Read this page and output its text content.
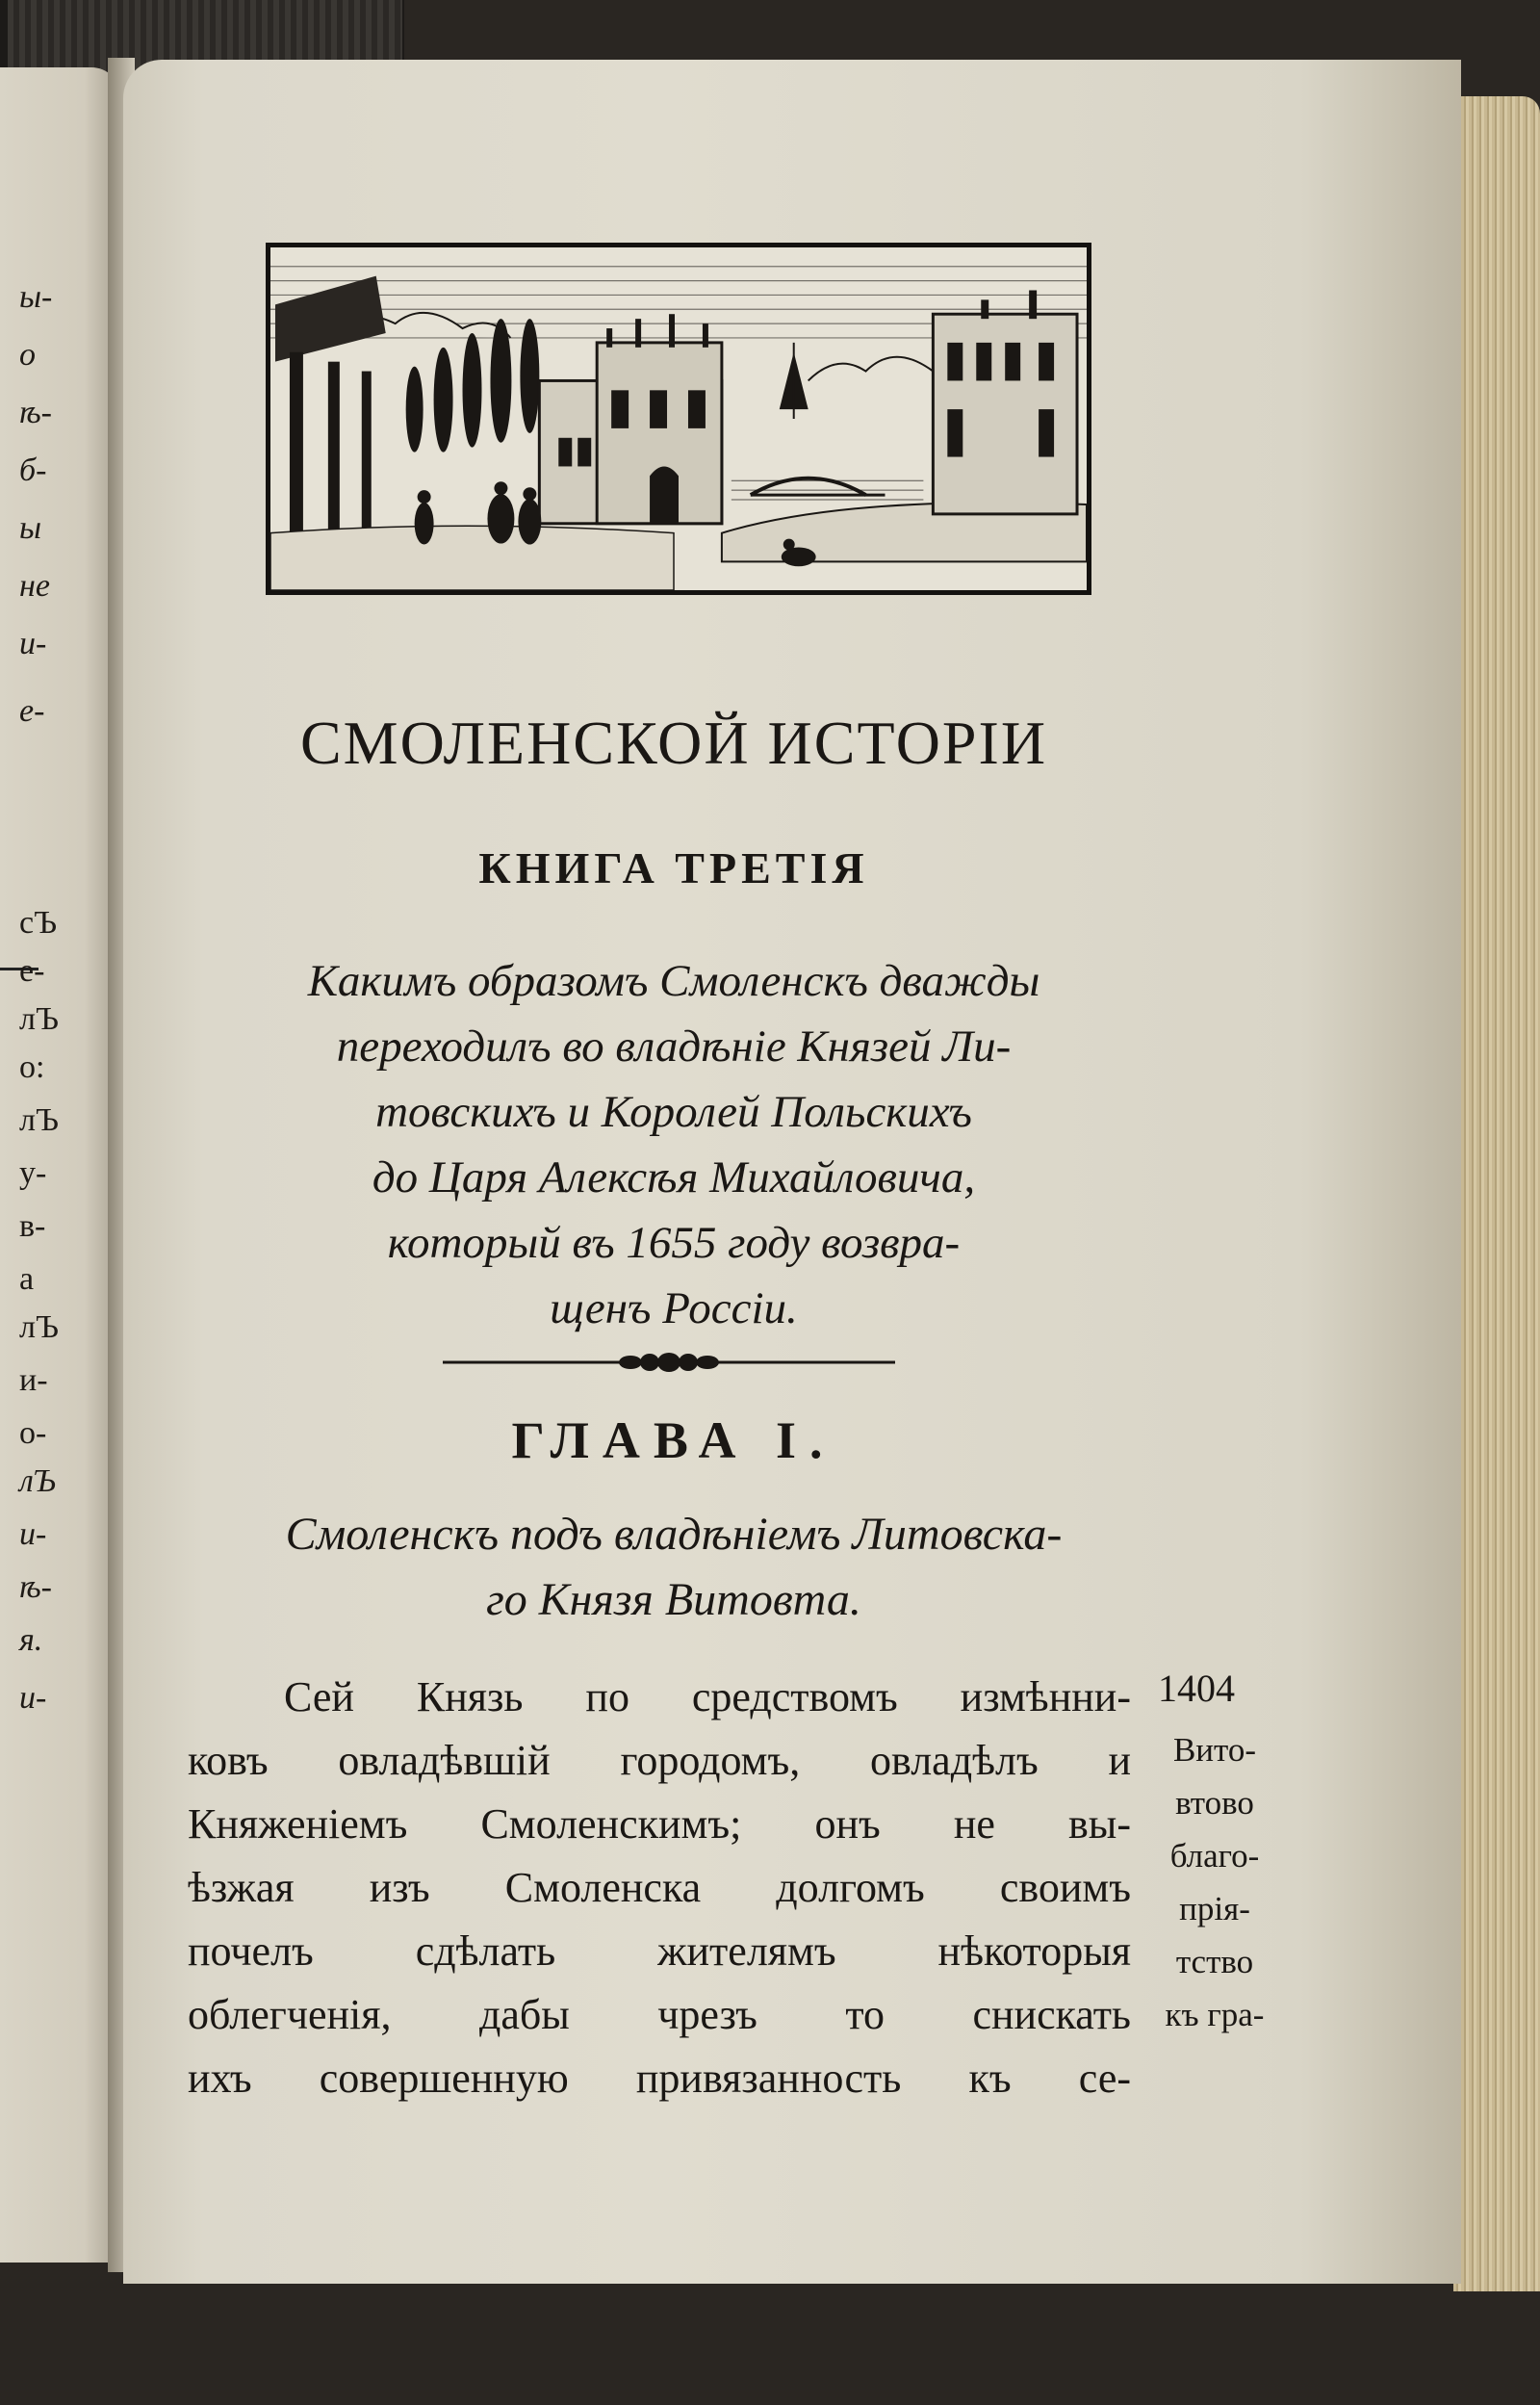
ы-
о
ѣ-
б-
ы
не
и-
е-
сЪ
е-
лЪ
о:
лЪ
у-
в-
а
лЪ
и-
о-
лЪ
и-
ѣ-
я.
и-
СМОЛЕНСКОЙ ИСТОРІИ
КНИГА ТРЕТІЯ
Какимъ образомъ Смоленскъ дважды
переходилъ во владѣніе Князей Ли-
товскихъ и Королей Польскихъ
до Царя Алексѣя Михайловича,
который въ 1655 году возвра-
щенъ Россіи.
ГЛАВА І.
Смоленскъ подъ владѣніемъ Литовска-
го Князя Витовта.
Сей Князь по средствомъ измѣнни-
ковъ овладѣвшій городомъ, овладѣлъ и
Княженіемъ Смоленскимъ; онъ не вы-
ѣзжая изъ Смоленска долгомъ своимъ
почелъ сдѣлать жителямъ нѣкоторыя
облегченія, дабы чрезъ то снискать
ихъ совершенную привязанность къ се-
1404
Вито-
втово
благо-
прія-
тство
къ гра-
